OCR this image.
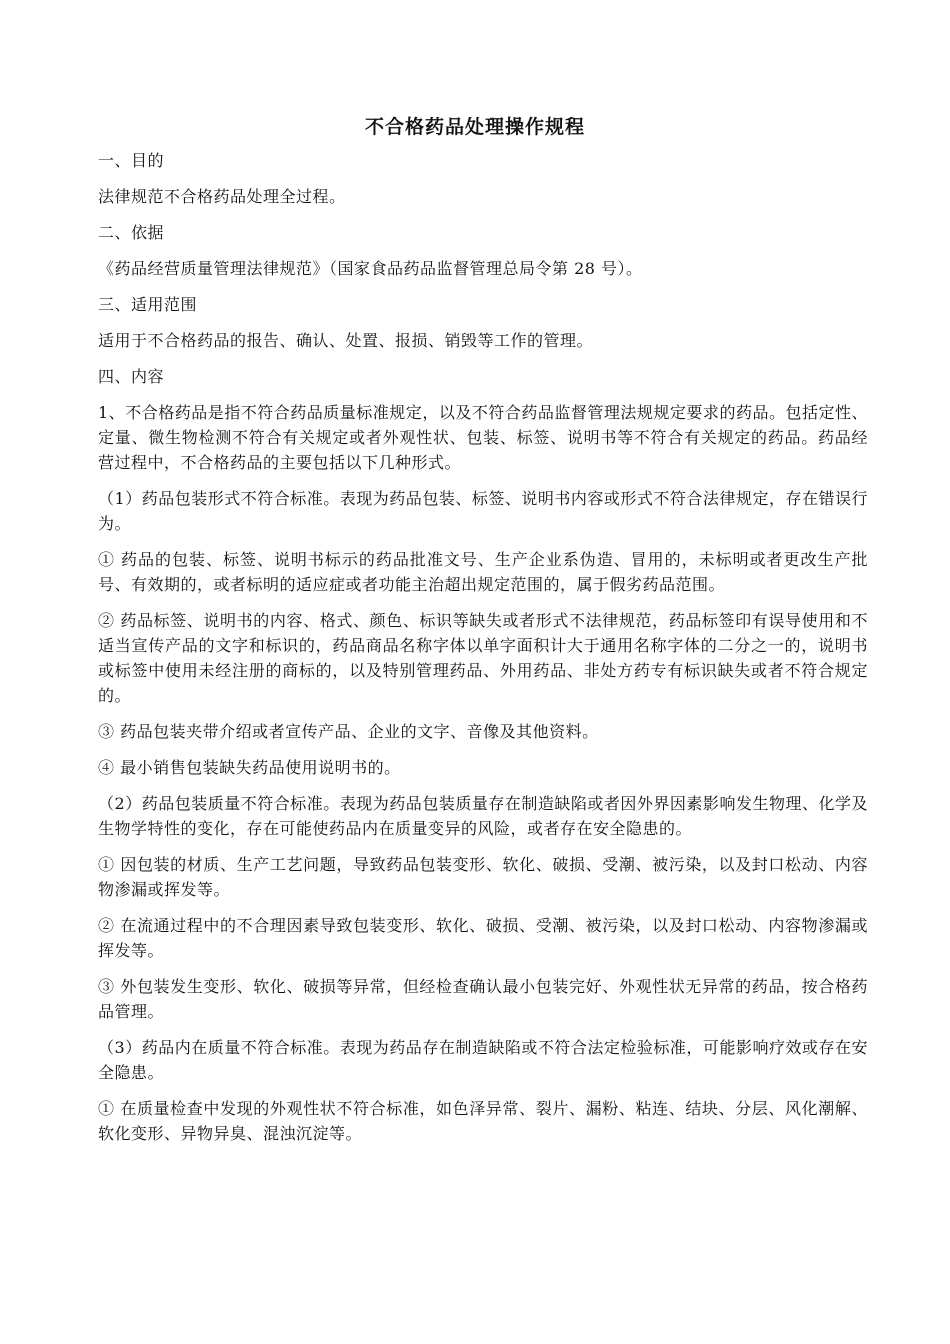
不合格药品处理操作规程

一、目的

法律规范不合格药品处理全过程。

二、依据

《药品经营质量管理法律规范》（国家食品药品监督管理总局令第 28 号）。

三、适用范围

适用于不合格药品的报告、确认、处置、报损、销毁等工作的管理。

四、内容

1、不合格药品是指不符合药品质量标准规定，以及不符合药品监督管理法规规定要求的药品。包括定性、定量、微生物检测不符合有关规定或者外观性状、包装、标签、说明书等不符合有关规定的药品。药品经营过程中，不合格药品的主要包括以下几种形式。

（1）药品包装形式不符合标准。表现为药品包装、标签、说明书内容或形式不符合法律规定，存在错误行为。

① 药品的包装、标签、说明书标示的药品批准文号、生产企业系伪造、冒用的，未标明或者更改生产批号、有效期的，或者标明的适应症或者功能主治超出规定范围的，属于假劣药品范围。

② 药品标签、说明书的内容、格式、颜色、标识等缺失或者形式不法律规范，药品标签印有误导使用和不适当宣传产品的文字和标识的，药品商品名称字体以单字面积计大于通用名称字体的二分之一的，说明书或标签中使用未经注册的商标的，以及特别管理药品、外用药品、非处方药专有标识缺失或者不符合规定的。

③ 药品包装夹带介绍或者宣传产品、企业的文字、音像及其他资料。

④ 最小销售包装缺失药品使用说明书的。

（2）药品包装质量不符合标准。表现为药品包装质量存在制造缺陷或者因外界因素影响发生物理、化学及生物学特性的变化，存在可能使药品内在质量变异的风险，或者存在安全隐患的。

① 因包装的材质、生产工艺问题，导致药品包装变形、软化、破损、受潮、被污染，以及封口松动、内容物渗漏或挥发等。

② 在流通过程中的不合理因素导致包装变形、软化、破损、受潮、被污染，以及封口松动、内容物渗漏或挥发等。

③ 外包装发生变形、软化、破损等异常，但经检查确认最小包装完好、外观性状无异常的药品，按合格药品管理。

（3）药品内在质量不符合标准。表现为药品存在制造缺陷或不符合法定检验标准，可能影响疗效或存在安全隐患。

① 在质量检查中发现的外观性状不符合标准，如色泽异常、裂片、漏粉、粘连、结块、分层、风化潮解、软化变形、异物异臭、混浊沉淀等。
